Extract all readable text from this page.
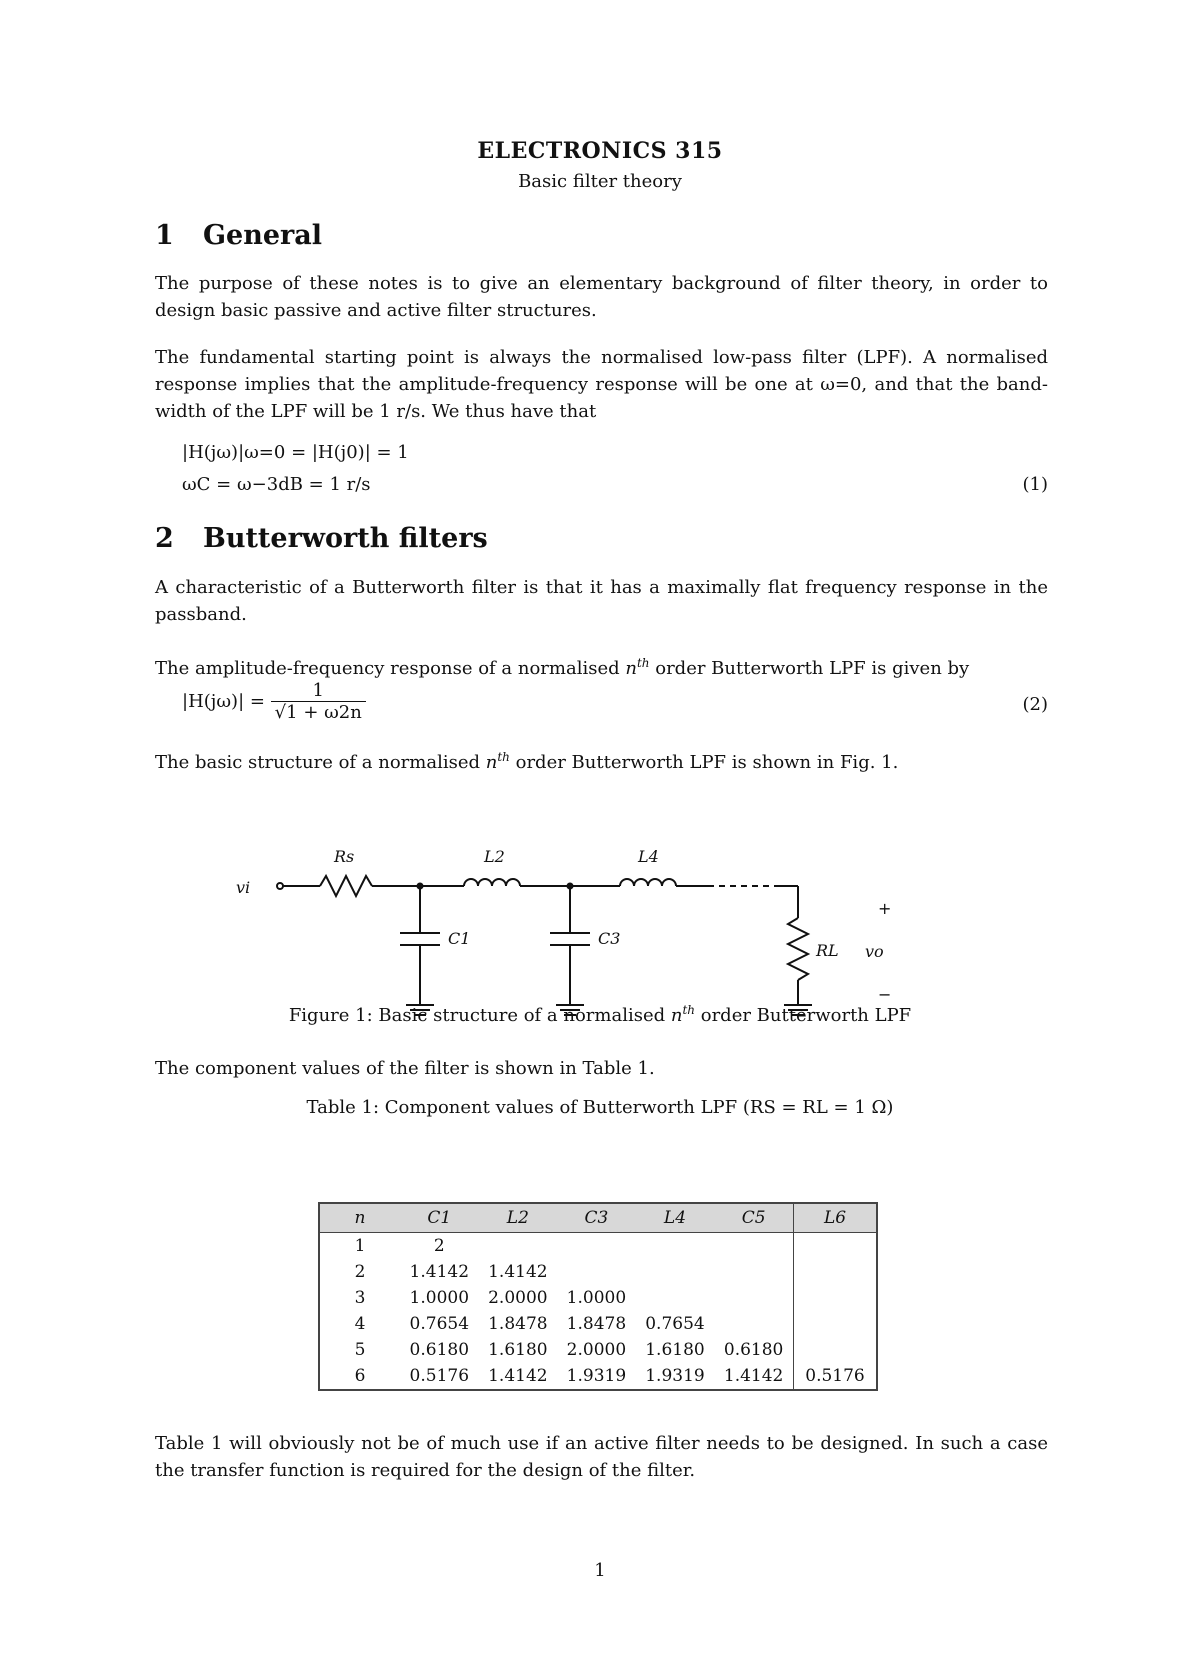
ELECTRONICS 315
Basic filter theory
1 General
The purpose of these notes is to give an elementary background of filter theory, in order to design basic passive and active filter structures.
The fundamental starting point is always the normalised low-pass filter (LPF). A normalised response implies that the amplitude-frequency response will be one at ω=0, and that the band-width of the LPF will be 1 r/s. We thus have that
|H(jω)|ω=0 = |H(j0)| = 1
ωC = ω−3dB = 1 r/s	(1)
2 Butterworth filters
A characteristic of a Butterworth filter is that it has a maximally flat frequency response in the passband.
The amplitude-frequency response of a normalised $n^{th}$ order Butterworth LPF is given by
$|H(j\omega)| = \frac{1}{√1 + \omega 2n}$	(2)
The basic structure of a normalised $n^{th}$ order Butterworth LPF is shown in Fig. 1.
vi
Rs	L2	L4
C1	C3
RL vo
+
−
Figure 1: Basic structure of a normalised $n^{th}$ order Butterworth LPF
The component values of the filter is shown in Table 1.
Table 1: Component values of Butterworth LPF (RS = RL = 1 Ω)
n	C1	L2	C3	L4	C5	L6
1	2					
2	1.4142	1.4142				
3	1.0000	2.0000	1.0000			
4	0.7654	1.8478	1.8478	0.7654		
5	0.6180	1.6180	2.0000	1.6180	0.6180	
6	0.5176	1.4142	1.9319	1.9319	1.4142	0.5176
Table 1 will obviously not be of much use if an active filter needs to be designed. In such a case the transfer function is required for the design of the filter.
1
